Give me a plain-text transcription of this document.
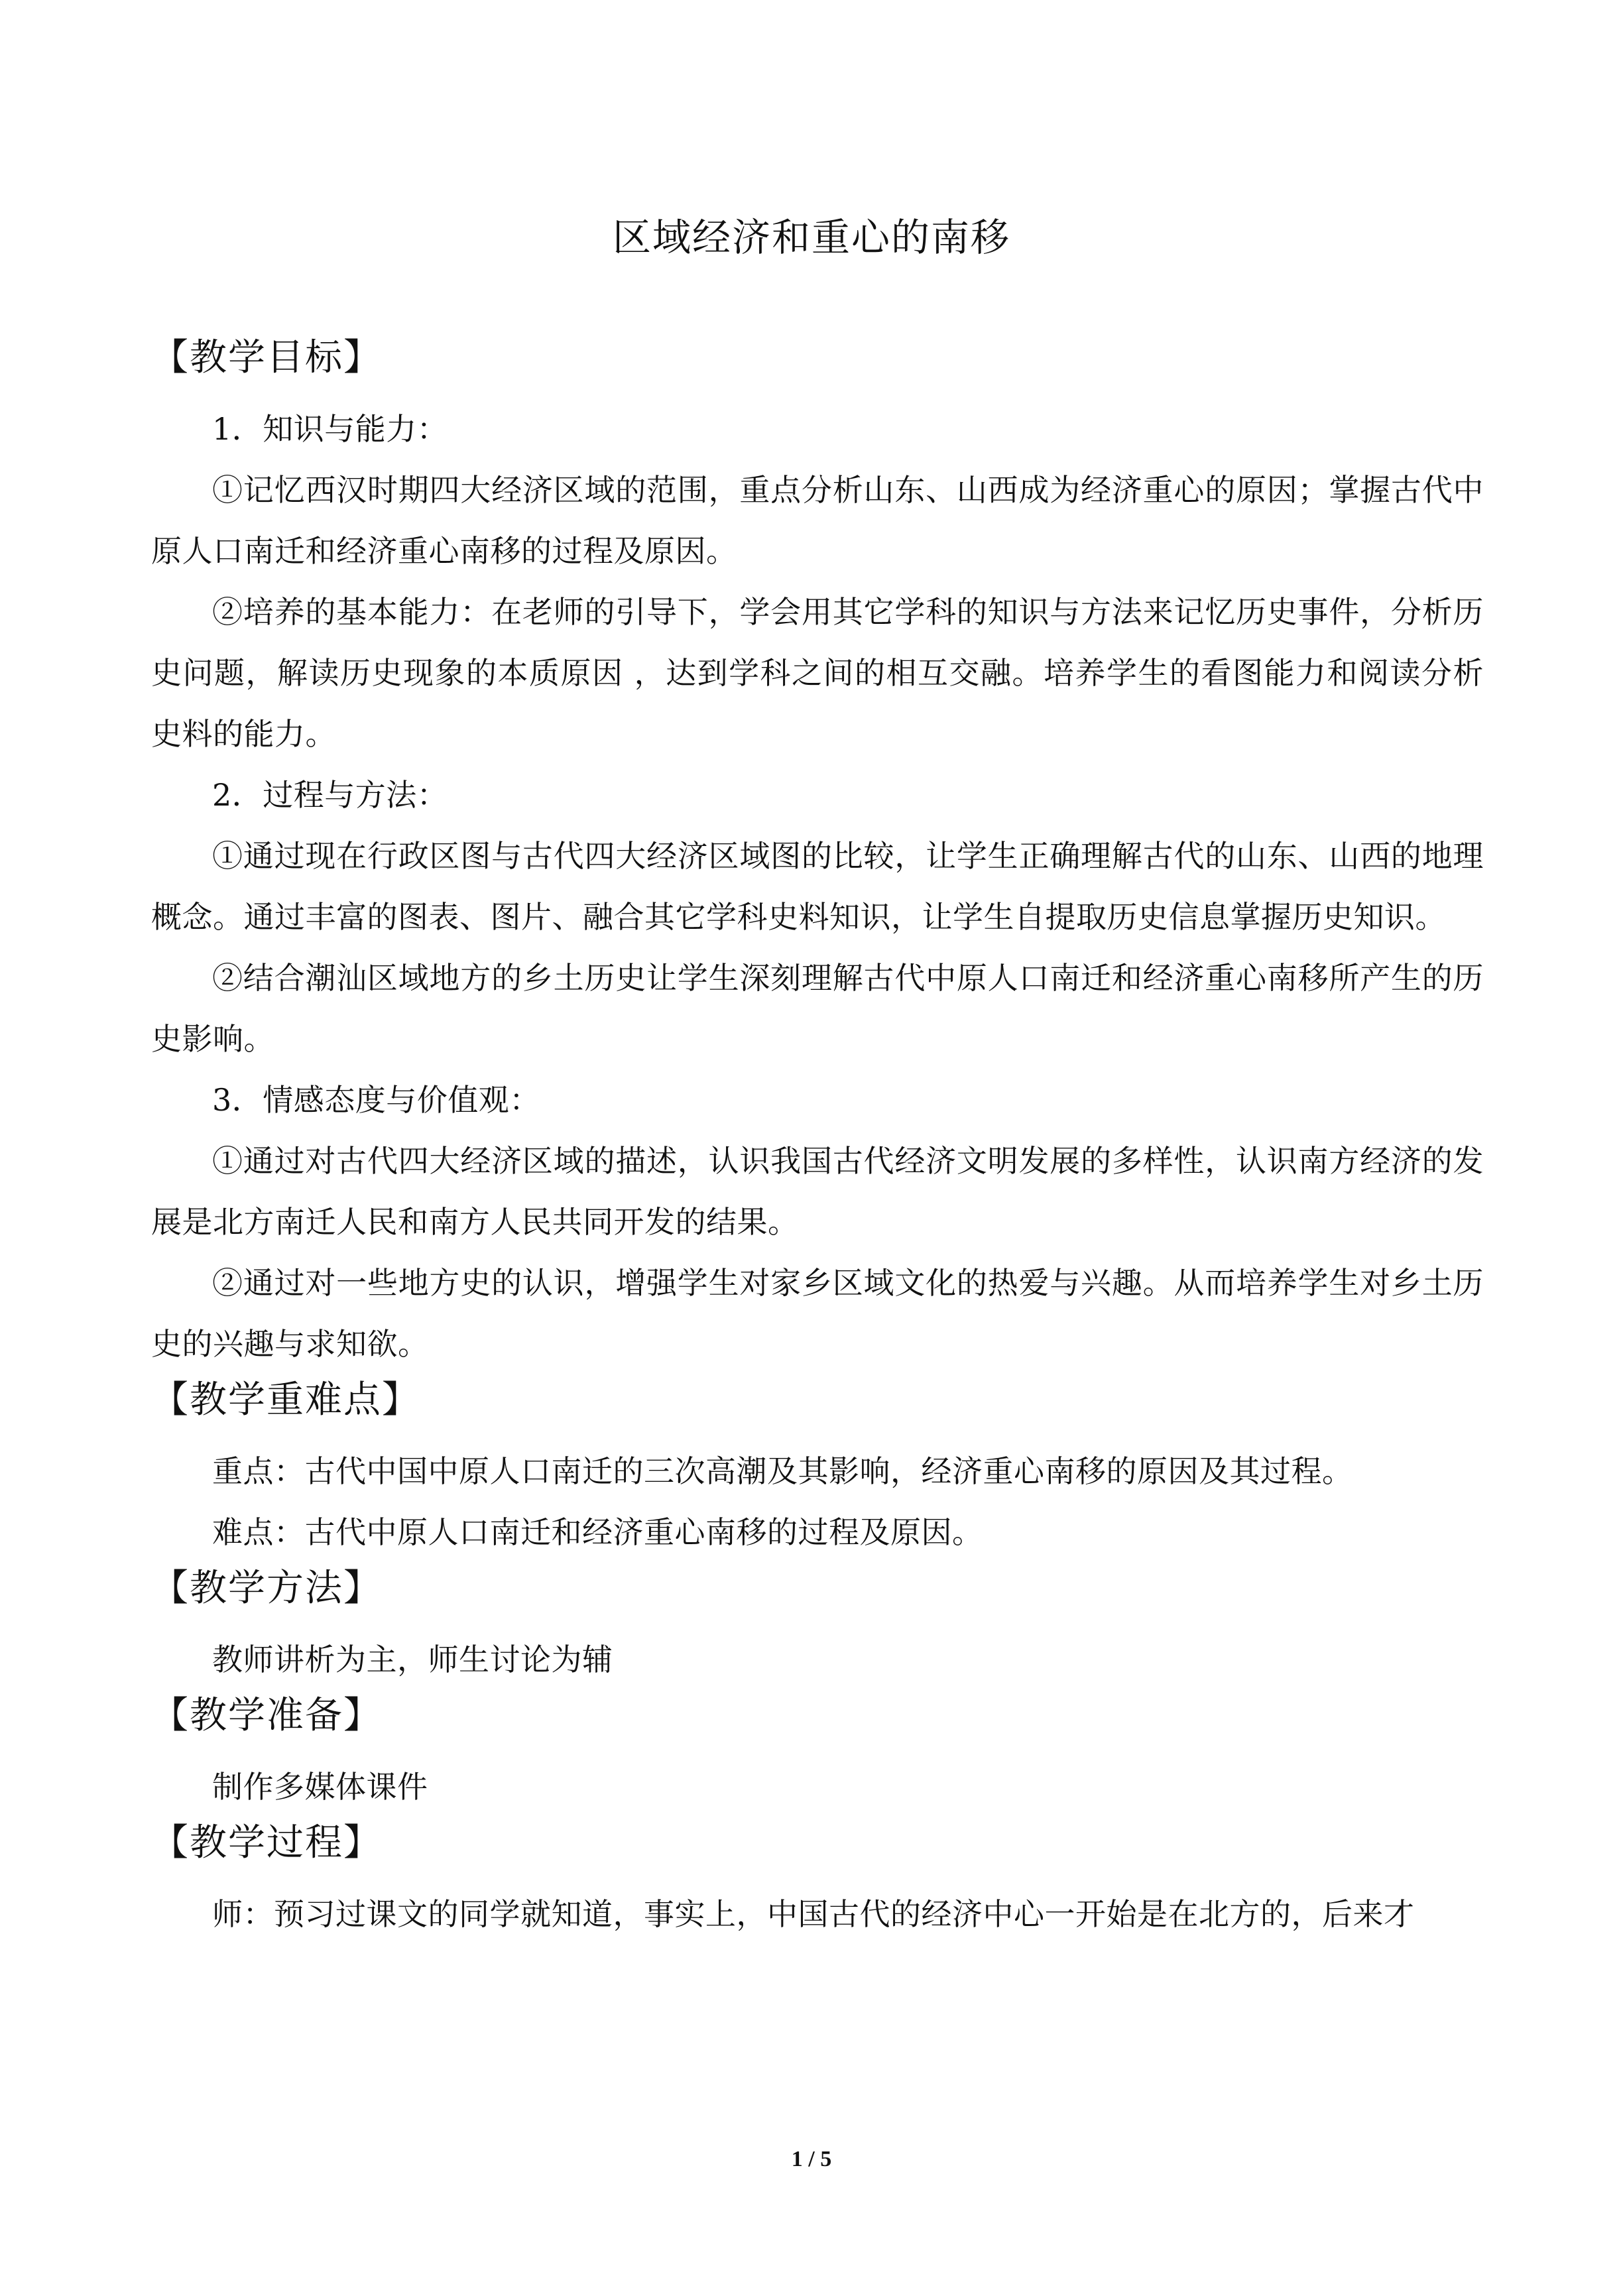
区域经济和重心的南移
【教学目标】

1．知识与能力：

①记忆西汉时期四大经济区域的范围，重点分析山东、山西成为经济重心的原因；掌握古代中原人口南迁和经济重心南移的过程及原因。

②培养的基本能力：在老师的引导下，学会用其它学科的知识与方法来记忆历史事件，分析历史问题，解读历史现象的本质原因 ，达到学科之间的相互交融。培养学生的看图能力和阅读分析史料的能力。

2．过程与方法：

①通过现在行政区图与古代四大经济区域图的比较，让学生正确理解古代的山东、山西的地理概念。通过丰富的图表、图片、融合其它学科史料知识，让学生自提取历史信息掌握历史知识。

②结合潮汕区域地方的乡土历史让学生深刻理解古代中原人口南迁和经济重心南移所产生的历史影响。

3．情感态度与价值观：

①通过对古代四大经济区域的描述，认识我国古代经济文明发展的多样性，认识南方经济的发展是北方南迁人民和南方人民共同开发的结果。

②通过对一些地方史的认识，增强学生对家乡区域文化的热爱与兴趣。从而培养学生对乡土历史的兴趣与求知欲。

【教学重难点】

重点：古代中国中原人口南迁的三次高潮及其影响，经济重心南移的原因及其过程。

难点：古代中原人口南迁和经济重心南移的过程及原因。

【教学方法】

教师讲析为主，师生讨论为辅

【教学准备】

制作多媒体课件

【教学过程】

师：预习过课文的同学就知道，事实上，中国古代的经济中心一开始是在北方的，后来才

1 / 5
